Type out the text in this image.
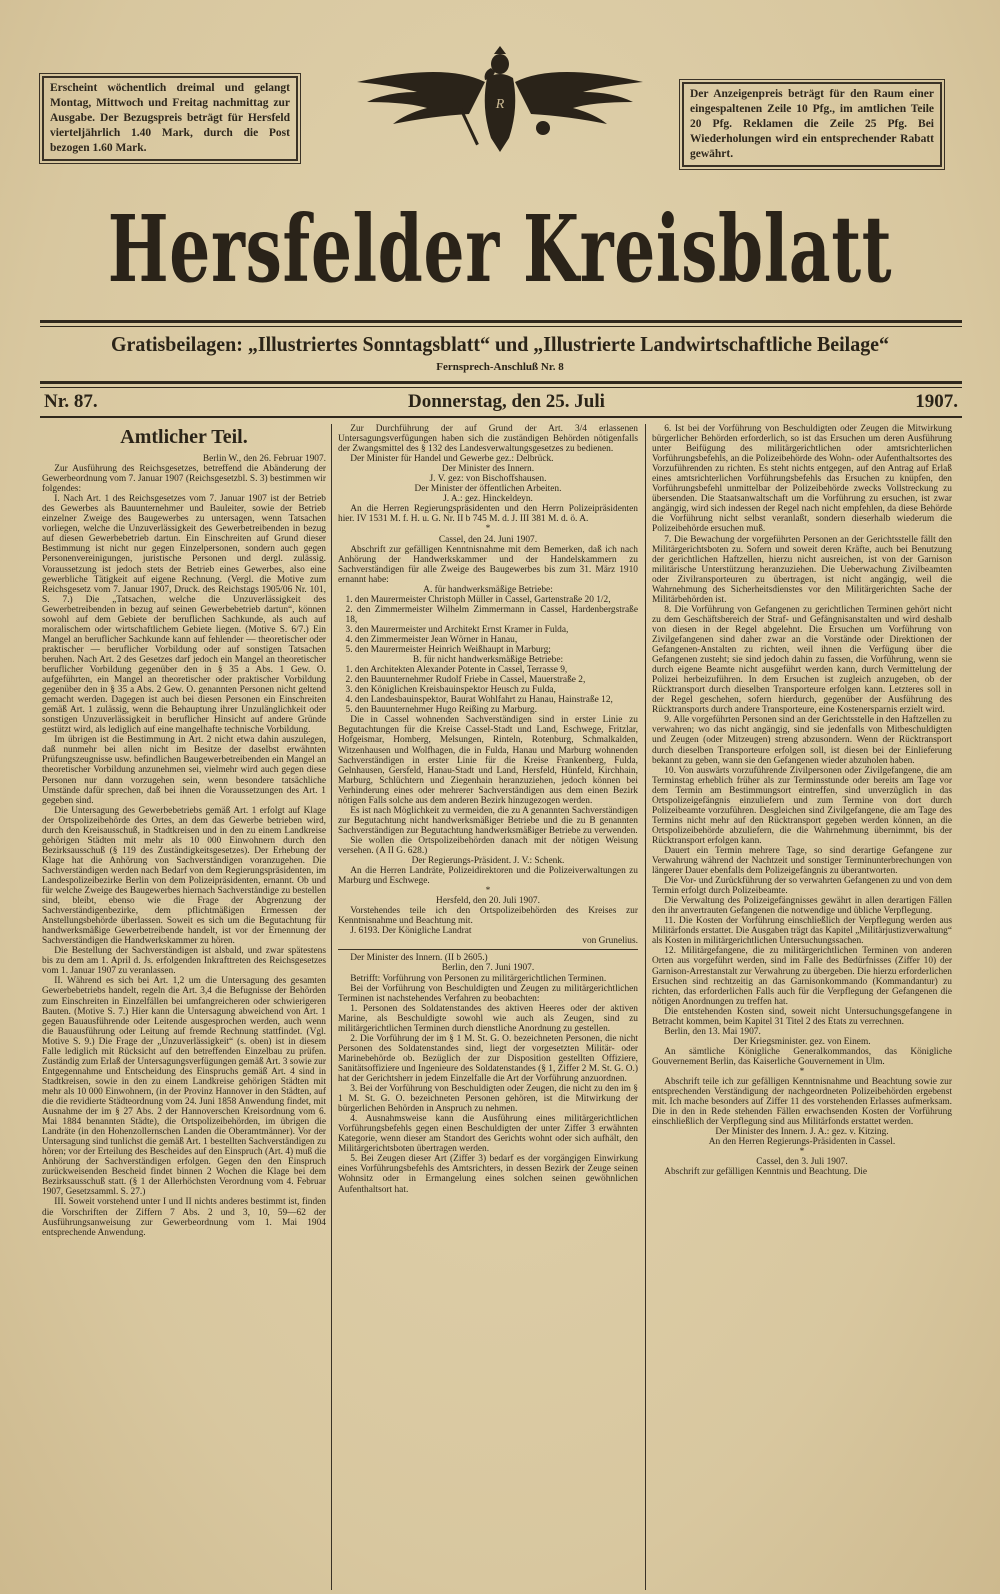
Erscheint wöchentlich dreimal und gelangt Montag, Mittwoch und Freitag nachmittag zur Ausgabe. Der Bezugspreis beträgt für Hersfeld vierteljährlich 1.40 Mark, durch die Post bezogen 1.60 Mark.
R
Der Anzeigenpreis beträgt für den Raum einer eingespaltenen Zeile 10 Pfg., im amtlichen Teile 20 Pfg. Reklamen die Zeile 25 Pfg. Bei Wiederholungen wird ein entsprechender Rabatt gewährt.
Hersfelder Kreisblatt
Gratisbeilagen: „Illustriertes Sonntagsblatt“ und „Illustrierte Landwirtschaftliche Beilage“
Fernsprech-Anschluß Nr. 8
Nr. 87.	Donnerstag, den 25. Juli	1907.

Amtlicher Teil.

Berlin W., den 26. Februar 1907.

Zur Ausführung des Reichsgesetzes, betreffend die Abänderung der Gewerbeordnung vom 7. Januar 1907 (Reichsgesetzbl. S. 3) bestimmen wir folgendes:

I. Nach Art. 1 des Reichsgesetzes vom 7. Januar 1907 ist der Betrieb des Gewerbes als Bauunternehmer und Bauleiter, sowie der Betrieb einzelner Zweige des Baugewerbes zu untersagen, wenn Tatsachen vorliegen, welche die Unzuverlässigkeit des Gewerbetreibenden in bezug auf diesen Gewerbebetrieb dartun. Ein Einschreiten auf Grund dieser Bestimmung ist nicht nur gegen Einzelpersonen, sondern auch gegen Personenvereinigungen, juristische Personen und dergl. zulässig. Voraussetzung ist jedoch stets der Betrieb eines Gewerbes, also eine gewerbliche Tätigkeit auf eigene Rechnung. (Vergl. die Motive zum Reichsgesetz vom 7. Januar 1907, Druck. des Reichstags 1905/06 Nr. 101, S. 7.) Die „Tatsachen, welche die Unzuverlässigkeit des Gewerbetreibenden in bezug auf seinen Gewerbebetrieb dartun“, können sowohl auf dem Gebiete der beruflichen Sachkunde, als auch auf moralischem oder wirtschaftlichem Gebiete liegen. (Motive S. 6/7.) Ein Mangel an beruflicher Sachkunde kann auf fehlender — theoretischer oder praktischer — beruflicher Vorbildung oder auf sonstigen Tatsachen beruhen. Nach Art. 2 des Gesetzes darf jedoch ein Mangel an theoretischer beruflicher Vorbildung gegenüber den in § 35 a Abs. 1 Gew. O. aufgeführten, ein Mangel an theoretischer oder praktischer Vorbildung gegenüber den in § 35 a Abs. 2 Gew. O. genannten Personen nicht geltend gemacht werden. Dagegen ist auch bei diesen Personen ein Einschreiten gemäß Art. 1 zulässig, wenn die Behauptung ihrer Unzulänglichkeit oder sonstigen Unzuverlässigkeit in beruflicher Hinsicht auf andere Gründe gestützt wird, als lediglich auf eine mangelhafte technische Vorbildung.

Im übrigen ist die Bestimmung in Art. 2 nicht etwa dahin auszulegen, daß nunmehr bei allen nicht im Besitze der daselbst erwähnten Prüfungszeugnisse usw. befindlichen Baugewerbetreibenden ein Mangel an theoretischer Vorbildung anzunehmen sei, vielmehr wird auch gegen diese Personen nur dann vorzugehen sein, wenn besondere tatsächliche Umstände dafür sprechen, daß bei ihnen die Voraussetzungen des Art. 1 gegeben sind.

Die Untersagung des Gewerbebetriebs gemäß Art. 1 erfolgt auf Klage der Ortspolizeibehörde des Ortes, an dem das Gewerbe betrieben wird, durch den Kreisausschuß, in Stadtkreisen und in den zu einem Landkreise gehörigen Städten mit mehr als 10 000 Einwohnern durch den Bezirksausschuß (§ 119 des Zuständigkeitsgesetzes). Der Erhebung der Klage hat die Anhörung von Sachverständigen voranzugehen. Die Sachverständigen werden nach Bedarf von dem Regierungspräsidenten, im Landespolizeibezirke Berlin von dem Polizeipräsidenten, ernannt. Ob und für welche Zweige des Baugewerbes hiernach Sachverständige zu bestellen sind, bleibt, ebenso wie die Frage der Abgrenzung der Sachverständigenbezirke, dem pflichtmäßigen Ermessen der Anstellungsbehörde überlassen. Soweit es sich um die Begutachtung für handwerksmäßige Gewerbetreibende handelt, ist vor der Ernennung der Sachverständigen die Handwerkskammer zu hören.

Die Bestellung der Sachverständigen ist alsbald, und zwar spätestens bis zu dem am 1. April d. Js. erfolgenden Inkrafttreten des Reichsgesetzes vom 1. Januar 1907 zu veranlassen.

II. Während es sich bei Art. 1,2 um die Untersagung des gesamten Gewerbebetriebs handelt, regeln die Art. 3,4 die Befugnisse der Behörden zum Einschreiten in Einzelfällen bei umfangreicheren oder schwierigeren Bauten. (Motive S. 7.) Hier kann die Untersagung abweichend von Art. 1 gegen Bauausführende oder Leitende ausgesprochen werden, auch wenn die Bauausführung oder Leitung auf fremde Rechnung stattfindet. (Vgl. Motive S. 9.) Die Frage der „Unzuverlässigkeit“ (s. oben) ist in diesem Falle lediglich mit Rücksicht auf den betreffenden Einzelbau zu prüfen. Zuständig zum Erlaß der Untersagungsverfügungen gemäß Art. 3 sowie zur Entgegennahme und Entscheidung des Einspruchs gemäß Art. 4 sind in Stadtkreisen, sowie in den zu einem Landkreise gehörigen Städten mit mehr als 10 000 Einwohnern, (in der Provinz Hannover in den Städten, auf die die revidierte Städteordnung vom 24. Juni 1858 Anwendung findet, mit Ausnahme der im § 27 Abs. 2 der Hannoverschen Kreisordnung vom 6. Mai 1884 benannten Städte), die Ortspolizeibehörden, im übrigen die Landräte (in den Hohenzollernschen Landen die Oberamtmänner). Vor der Untersagung sind tunlichst die gemäß Art. 1 bestellten Sachverständigen zu hören; vor der Erteilung des Bescheides auf den Einspruch (Art. 4) muß die Anhörung der Sachverständigen erfolgen. Gegen den den Einspruch zurückweisenden Bescheid findet binnen 2 Wochen die Klage bei dem Bezirksausschuß statt. (§ 1 der Allerhöchsten Verordnung vom 4. Februar 1907, Gesetzsamml. S. 27.)

III. Soweit vorstehend unter I und II nichts anderes bestimmt ist, finden die Vorschriften der Ziffern 7 Abs. 2 und 3, 10, 59—62 der Ausführungsanweisung zur Gewerbeordnung vom 1. Mai 1904 entsprechende Anwendung.

Zur Durchführung der auf Grund der Art. 3/4 erlassenen Untersagungsverfügungen haben sich die zuständigen Behörden nötigenfalls der Zwangsmittel des § 132 des Landesverwaltungsgesetzes zu bedienen.

Der Minister für Handel und Gewerbe gez.: Delbrück.

Der Minister des Innern.

J. V. gez: von Bischoffshausen.

Der Minister der öffentlichen Arbeiten.

J. A.: gez. Hinckeldeyn.

An die Herren Regierungspräsidenten und den Herrn Polizeipräsidenten hier. IV 1531 M. f. H. u. G. Nr. II b 745 M. d. J. III 381 M. d. ö. A.

*

Cassel, den 24. Juni 1907.

Abschrift zur gefälligen Kenntnisnahme mit dem Bemerken, daß ich nach Anhörung der Handwerkskammer und der Handelskammern zu Sachverständigen für alle Zweige des Baugewerbes bis zum 31. März 1910 ernannt habe:

A. für handwerksmäßige Betriebe:

1. den Maurermeister Christoph Müller in Cassel, Gartenstraße 20 1/2,

2. den Zimmermeister Wilhelm Zimmermann in Cassel, Hardenbergstraße 18,

3. den Maurermeister und Architekt Ernst Kramer in Fulda,

4. den Zimmermeister Jean Wörner in Hanau,

5. den Maurermeister Heinrich Weißhaupt in Marburg;

B. für nicht handwerksmäßige Betriebe:

1. den Architekten Alexander Potente in Cassel, Terrasse 9,

2. den Bauunternehmer Rudolf Friebe in Cassel, Mauerstraße 2,

3. den Königlichen Kreisbauinspektor Heusch zu Fulda,

4. den Landesbauinspektor, Baurat Wohlfahrt zu Hanau, Hainstraße 12,

5. den Bauunternehmer Hugo Reißing zu Marburg.

Die in Cassel wohnenden Sachverständigen sind in erster Linie zu Begutachtungen für die Kreise Cassel-Stadt und Land, Eschwege, Fritzlar, Hofgeismar, Homberg, Melsungen, Rinteln, Rotenburg, Schmalkalden, Witzenhausen und Wolfhagen, die in Fulda, Hanau und Marburg wohnenden Sachverständigen in erster Linie für die Kreise Frankenberg, Fulda, Gelnhausen, Gersfeld, Hanau-Stadt und Land, Hersfeld, Hünfeld, Kirchhain, Marburg, Schlüchtern und Ziegenhain heranzuziehen, jedoch können bei Verhinderung eines oder mehrerer Sachverständigen aus dem einen Bezirk nötigen Falls solche aus dem anderen Bezirk hinzugezogen werden.

Es ist nach Möglichkeit zu vermeiden, die zu A genannten Sachverständigen zur Begutachtung nicht handwerksmäßiger Betriebe und die zu B genannten Sachverständigen zur Begutachtung handwerksmäßiger Betriebe zu verwenden.

Sie wollen die Ortspolizeibehörden danach mit der nötigen Weisung versehen. (A II G. 628.)

Der Regierungs-Präsident. J. V.: Schenk.

An die Herren Landräte, Polizeidirektoren und die Polizeiverwaltungen zu Marburg und Eschwege.

*

Hersfeld, den 20. Juli 1907.

Vorstehendes teile ich den Ortspolizeibehörden des Kreises zur Kenntnisnahme und Beachtung mit.

J. 6193. Der Königliche Landrat

von Grunelius.

Der Minister des Innern. (II b 2605.)

Berlin, den 7. Juni 1907.

Betrifft: Vorführung von Personen zu militärgerichtlichen Terminen.

Bei der Vorführung von Beschuldigten und Zeugen zu militärgerichtlichen Terminen ist nachstehendes Verfahren zu beobachten:

1. Personen des Soldatenstandes des aktiven Heeres oder der aktiven Marine, als Beschuldigte sowohl wie auch als Zeugen, sind zu militärgerichtlichen Terminen durch dienstliche Anordnung zu gestellen.

2. Die Vorführung der im § 1 M. St. G. O. bezeichneten Personen, die nicht Personen des Soldatenstandes sind, liegt der vorgesetzten Militär- oder Marinebehörde ob. Bezüglich der zur Disposition gestellten Offiziere, Sanitätsoffiziere und Ingenieure des Soldatenstandes (§ 1, Ziffer 2 M. St. G. O.) hat der Gerichtsherr in jedem Einzelfalle die Art der Vorführung anzuordnen.

3. Bei der Vorführung von Beschuldigten oder Zeugen, die nicht zu den im § 1 M. St. G. O. bezeichneten Personen gehören, ist die Mitwirkung der bürgerlichen Behörden in Anspruch zu nehmen.

4. Ausnahmsweise kann die Ausführung eines militärgerichtlichen Vorführungsbefehls gegen einen Beschuldigten der unter Ziffer 3 erwähnten Kategorie, wenn dieser am Standort des Gerichts wohnt oder sich aufhält, den Militärgerichtsboten übertragen werden.

5. Bei Zeugen dieser Art (Ziffer 3) bedarf es der vorgängigen Einwirkung eines Vorführungsbefehls des Amtsrichters, in dessen Bezirk der Zeuge seinen Wohnsitz oder in Ermangelung eines solchen seinen gewöhnlichen Aufenthaltsort hat.

6. Ist bei der Vorführung von Beschuldigten oder Zeugen die Mitwirkung bürgerlicher Behörden erforderlich, so ist das Ersuchen um deren Ausführung unter Beifügung des militärgerichtlichen oder amtsrichterlichen Vorführungsbefehls, an die Polizeibehörde des Wohn- oder Aufenthaltsortes des Vorzuführenden zu richten. Es steht nichts entgegen, auf den Antrag auf Erlaß eines amtsrichterlichen Vorführungsbefehls das Ersuchen zu knüpfen, den Vorführungsbefehl unmittelbar der Polizeibehörde zwecks Vollstreckung zu übersenden. Die Staatsanwaltschaft um die Vorführung zu ersuchen, ist zwar angängig, wird sich indessen der Regel nach nicht empfehlen, da diese Behörde die Vorführung nicht selbst veranlaßt, sondern dieserhalb wiederum die Polizeibehörde ersuchen muß.

7. Die Bewachung der vorgeführten Personen an der Gerichtsstelle fällt den Militärgerichtsboten zu. Sofern und soweit deren Kräfte, auch bei Benutzung der gerichtlichen Haftzellen, hierzu nicht ausreichen, ist von der Garnison militärische Unterstützung heranzuziehen. Die Ueberwachung Zivilbeamten oder Zivilransporteuren zu übertragen, ist nicht angängig, weil die Wahrnehmung des Sicherheitsdienstes vor den Militärgerichten Sache der Militärbehörden ist.

8. Die Vorführung von Gefangenen zu gerichtlichen Terminen gehört nicht zu dem Geschäftsbereich der Straf- und Gefängnisanstalten und wird deshalb von diesen in der Regel abgelehnt. Die Ersuchen um Vorführung von Zivilgefangenen sind daher zwar an die Vorstände oder Direktionen der Gefangenen-Anstalten zu richten, weil ihnen die Verfügung über die Gefangenen zusteht; sie sind jedoch dahin zu fassen, die Vorführung, wenn sie durch eigene Beamte nicht ausgeführt werden kann, durch Vermittelung der Polizei herbeizuführen. In dem Ersuchen ist zugleich anzugeben, ob der Rücktransport durch dieselben Transporteure erfolgen kann. Letzteres soll in der Regel geschehen, sofern hierdurch, gegenüber der Ausführung des Rücktransports durch andere Transporteure, eine Kostenersparnis erzielt wird.

9. Alle vorgeführten Personen sind an der Gerichtsstelle in den Haftzellen zu verwahren; wo das nicht angängig, sind sie jedenfalls von Mitbeschuldigten und Zeugen (oder Mitzeugen) streng abzusondern. Wenn der Rücktransport durch dieselben Transporteure erfolgen soll, ist diesen bei der Einlieferung bekannt zu geben, wann sie den Gefangenen wieder abzuholen haben.

10. Von auswärts vorzuführende Zivilpersonen oder Zivilgefangene, die am Terminstag erheblich früher als zur Terminsstunde oder bereits am Tage vor dem Termin am Bestimmungsort eintreffen, sind unverzüglich in das Ortspolizeigefängnis einzuliefern und zum Termine von dort durch Polizeibeamte vorzuführen. Desgleichen sind Zivilgefangene, die am Tage des Termins nicht mehr auf den Rücktransport gegeben werden können, an die Ortspolizeibehörde abzuliefern, die die Wahrnehmung übernimmt, bis der Rücktransport erfolgen kann.

Dauert ein Termin mehrere Tage, so sind derartige Gefangene zur Verwahrung während der Nachtzeit und sonstiger Terminunterbrechungen von längerer Dauer ebenfalls dem Polizeigefängnis zu überantworten.

Die Vor- und Zurückführung der so verwahrten Gefangenen zu und von dem Termin erfolgt durch Polizeibeamte.

Die Verwaltung des Polizeigefängnisses gewährt in allen derartigen Fällen den ihr anvertrauten Gefangenen die notwendige und übliche Verpflegung.

11. Die Kosten der Vorführung einschließlich der Verpflegung werden aus Militärfonds erstattet. Die Ausgaben trägt das Kapitel „Militärjustizverwaltung“ als Kosten in militärgerichtlichen Untersuchungssachen.

12. Militärgefangene, die zu militärgerichtlichen Terminen von anderen Orten aus vorgeführt werden, sind im Falle des Bedürfnisses (Ziffer 10) der Garnison-Arrestanstalt zur Verwahrung zu übergeben. Die hierzu erforderlichen Ersuchen sind rechtzeitig an das Garnisonkommando (Kommandantur) zu richten, das erforderlichen Falls auch für die Verpflegung der Gefangenen die nötigen Anordnungen zu treffen hat.

Die entstehenden Kosten sind, soweit nicht Untersuchungsgefangene in Betracht kommen, beim Kapitel 31 Titel 2 des Etats zu verrechnen.

Berlin, den 13. Mai 1907.

Der Kriegsminister. gez. von Einem.

An sämtliche Königliche Generalkommandos, das Königliche Gouvernement Berlin, das Kaiserliche Gouvernement in Ulm.

*

Abschrift teile ich zur gefälligen Kenntnisnahme und Beachtung sowie zur entsprechenden Verständigung der nachgeordneten Polizeibehörden ergebenst mit. Ich mache besonders auf Ziffer 11 des vorstehenden Erlasses aufmerksam. Die in den in Rede stehenden Fällen erwachsenden Kosten der Vorführung einschließlich der Verpflegung sind aus Militärfonds erstattet werden.

Der Minister des Innern. J. A.: gez. v. Kitzing.

An den Herren Regierungs-Präsidenten in Cassel.

*

Cassel, den 3. Juli 1907.

Abschrift zur gefälligen Kenntnis und Beachtung. Die
